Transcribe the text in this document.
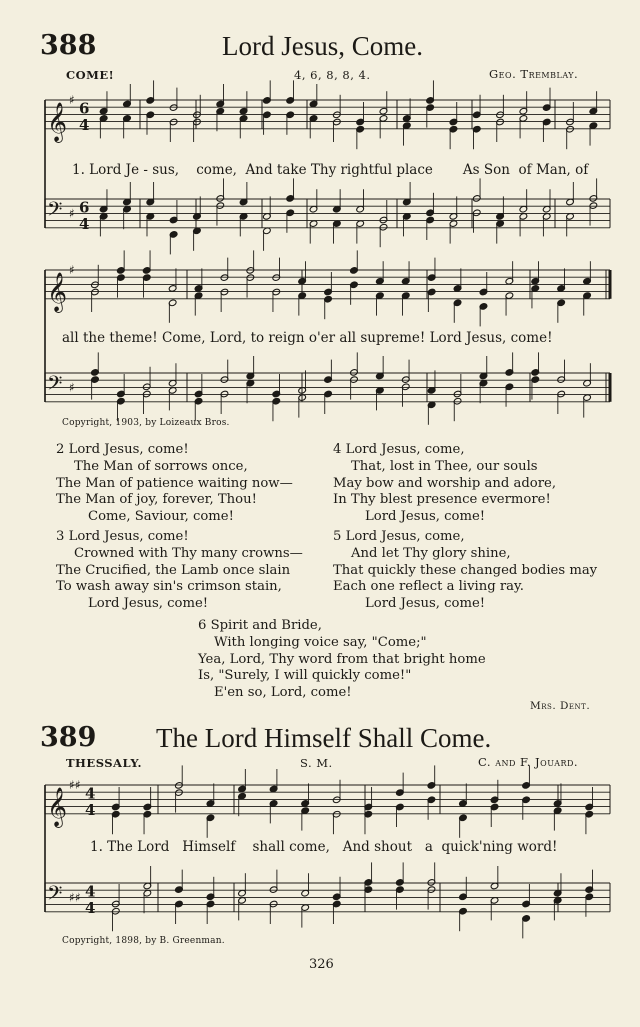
388	Lord Jesus, Come.
COME!	4, 6, 8, 8, 4.	Geo. Tremblay.
𝄞
♯ 6
4
𝄢 ♯ 6
4
𝄞
♯
𝄢 ♯
𝄞
♯ ♯ 4
4
𝄢 ♯ ♯ 4
4
1. Lord Je - sus,    come,  And take Thy rightful place       As Son  of Man, of
all the theme! Come, Lord, to reign o'er all supreme! Lord Jesus, come!
Copyright, 1903, by Loizeaux Bros.
2 Lord Jesus, come!
The Man of sorrows once,
The Man of patience waiting now—
The Man of joy, forever, Thou!
Come, Saviour, come!
3 Lord Jesus, come!
Crowned with Thy many crowns—
The Crucified, the Lamb once slain
To wash away sin's crimson stain,
Lord Jesus, come!
4 Lord Jesus, come,
That, lost in Thee, our souls
May bow and worship and adore,
In Thy blest presence evermore!
Lord Jesus, come!
5 Lord Jesus, come,
And let Thy glory shine,
That quickly these changed bodies may
Each one reflect a living ray.
Lord Jesus, come!
6 Spirit and Bride,
With longing voice say, "Come;"
Yea, Lord, Thy word from that bright home
Is, "Surely, I will quickly come!"
E'en so, Lord, come!
Mrs. Dent.
389 The Lord Himself Shall Come.
THESSALY.	S. M.	C. and F. Jouard.
1. The Lord   Himself    shall come,   And shout   a  quick'ning word!
Copyright, 1898, by B. Greenman.
326
